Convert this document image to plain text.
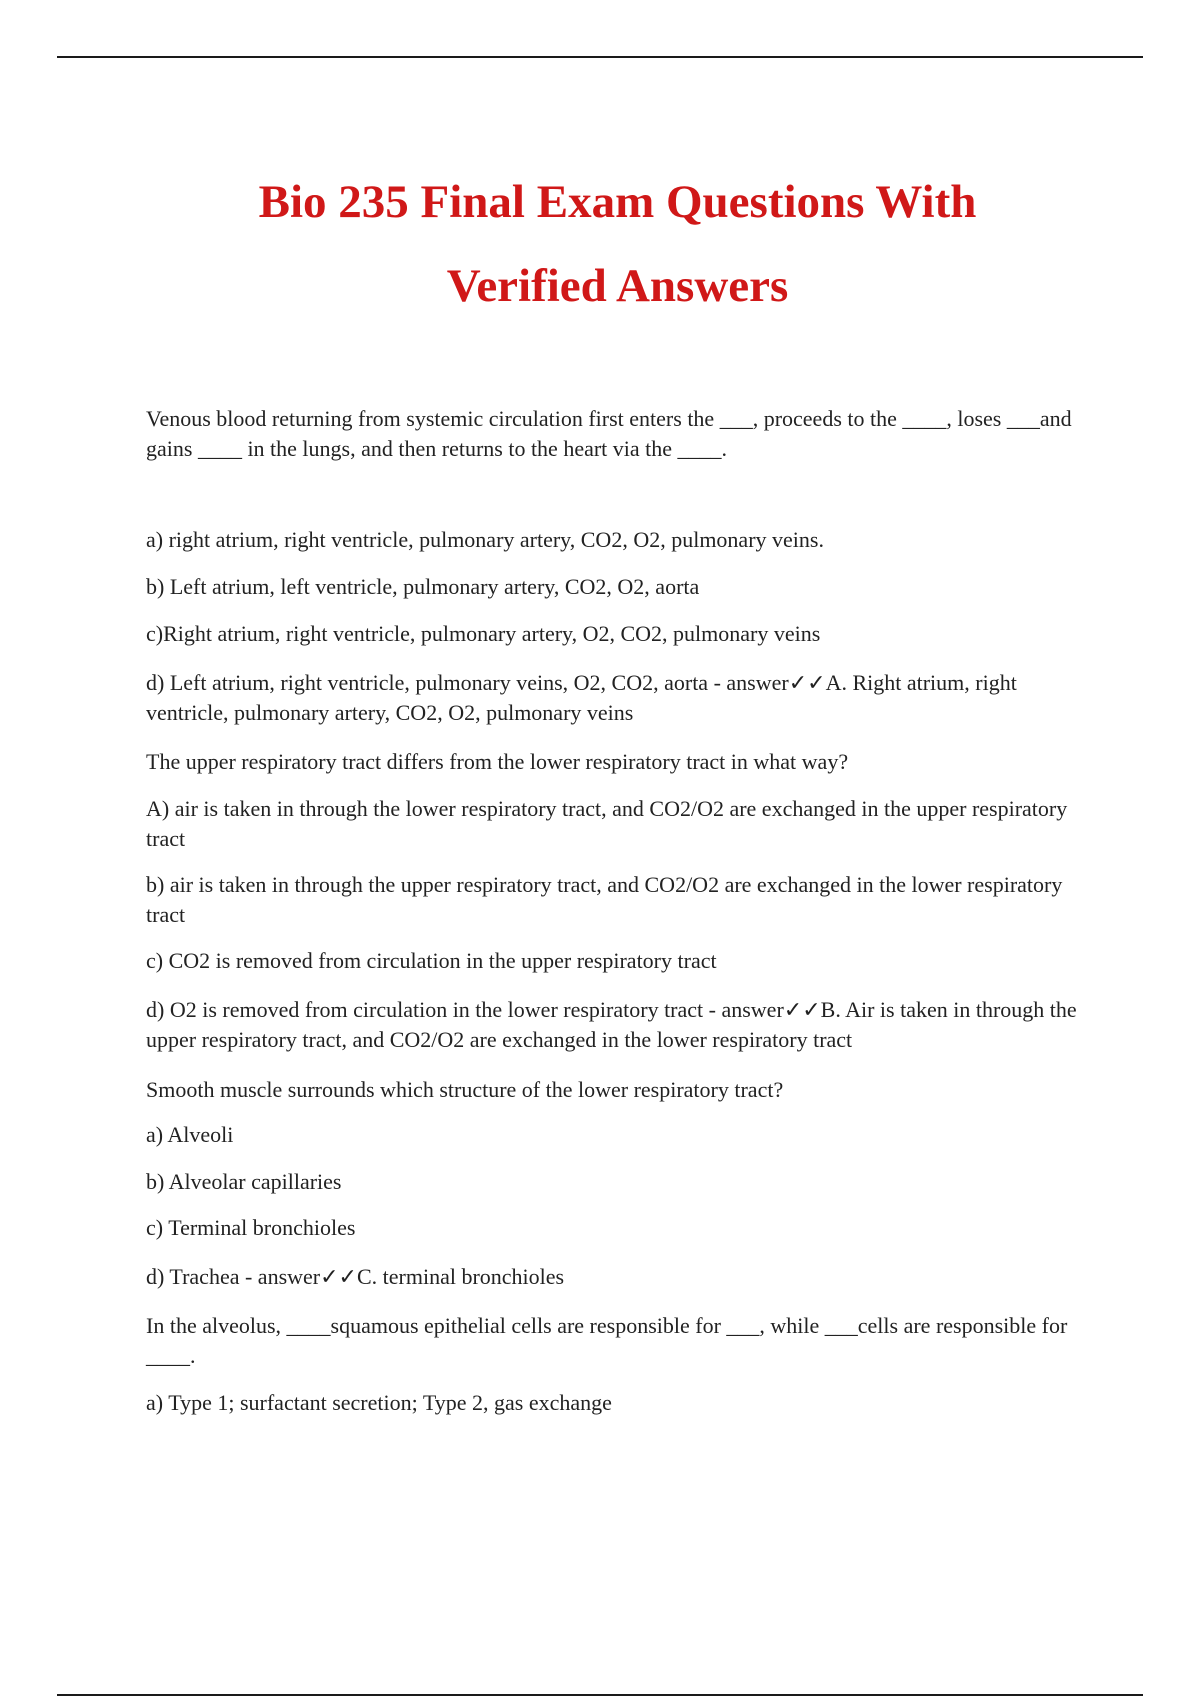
Bio 235 Final Exam Questions With
Verified Answers

Venous blood returning from systemic circulation first enters the ___, proceeds to the ____, loses ___and gains ____ in the lungs, and then returns to the heart via the ____.

a) right atrium, right ventricle, pulmonary artery, CO2, O2, pulmonary veins.

b) Left atrium, left ventricle, pulmonary artery, CO2, O2, aorta

c)Right atrium, right ventricle, pulmonary artery, O2, CO2, pulmonary veins

d) Left atrium, right ventricle, pulmonary veins, O2, CO2, aorta - answer✓✓A. Right atrium, right ventricle, pulmonary artery, CO2, O2, pulmonary veins

The upper respiratory tract differs from the lower respiratory tract in what way?

A) air is taken in through the lower respiratory tract, and CO2/O2 are exchanged in the upper respiratory tract

b) air is taken in through the upper respiratory tract, and CO2/O2 are exchanged in the lower respiratory tract

c) CO2 is removed from circulation in the upper respiratory tract

d) O2 is removed from circulation in the lower respiratory tract - answer✓✓B. Air is taken in through the upper respiratory tract, and CO2/O2 are exchanged in the lower respiratory tract

Smooth muscle surrounds which structure of the lower respiratory tract?

a) Alveoli

b) Alveolar capillaries

c) Terminal bronchioles

d) Trachea - answer✓✓C. terminal bronchioles

In the alveolus, ____squamous epithelial cells are responsible for ___, while ___cells are responsible for ____.

a) Type 1; surfactant secretion; Type 2, gas exchange
